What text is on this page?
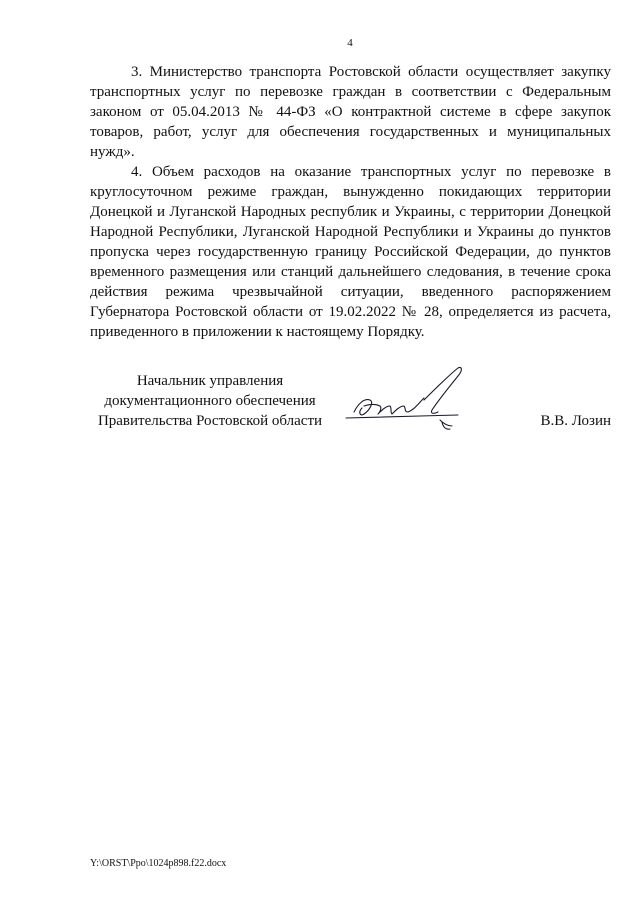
4

3. Министерство транспорта Ростовской области осуществляет закупку транспортных услуг по перевозке граждан в соответствии с Федеральным законом от 05.04.2013 № 44-ФЗ «О контрактной системе в сфере закупок товаров, работ, услуг для обеспечения государственных и муниципальных нужд».

4. Объем расходов на оказание транспортных услуг по перевозке в круглосуточном режиме граждан, вынужденно покидающих территории Донецкой и Луганской Народных республик и Украины, с территории Донецкой Народной Республики, Луганской Народной Республики и Украины до пунктов пропуска через государственную границу Российской Федерации, до пунктов временного размещения или станций дальнейшего следования, в течение срока действия режима чрезвычайной ситуации, введенного распоряжением Губернатора Ростовской области от 19.02.2022 № 28, определяется из расчета, приведенного в приложении к настоящему Порядку.

Начальник управления
документационного обеспечения
Правительства Ростовской области	В.В. Лозин
Y:\ORST\Ppo\1024p898.f22.docx
